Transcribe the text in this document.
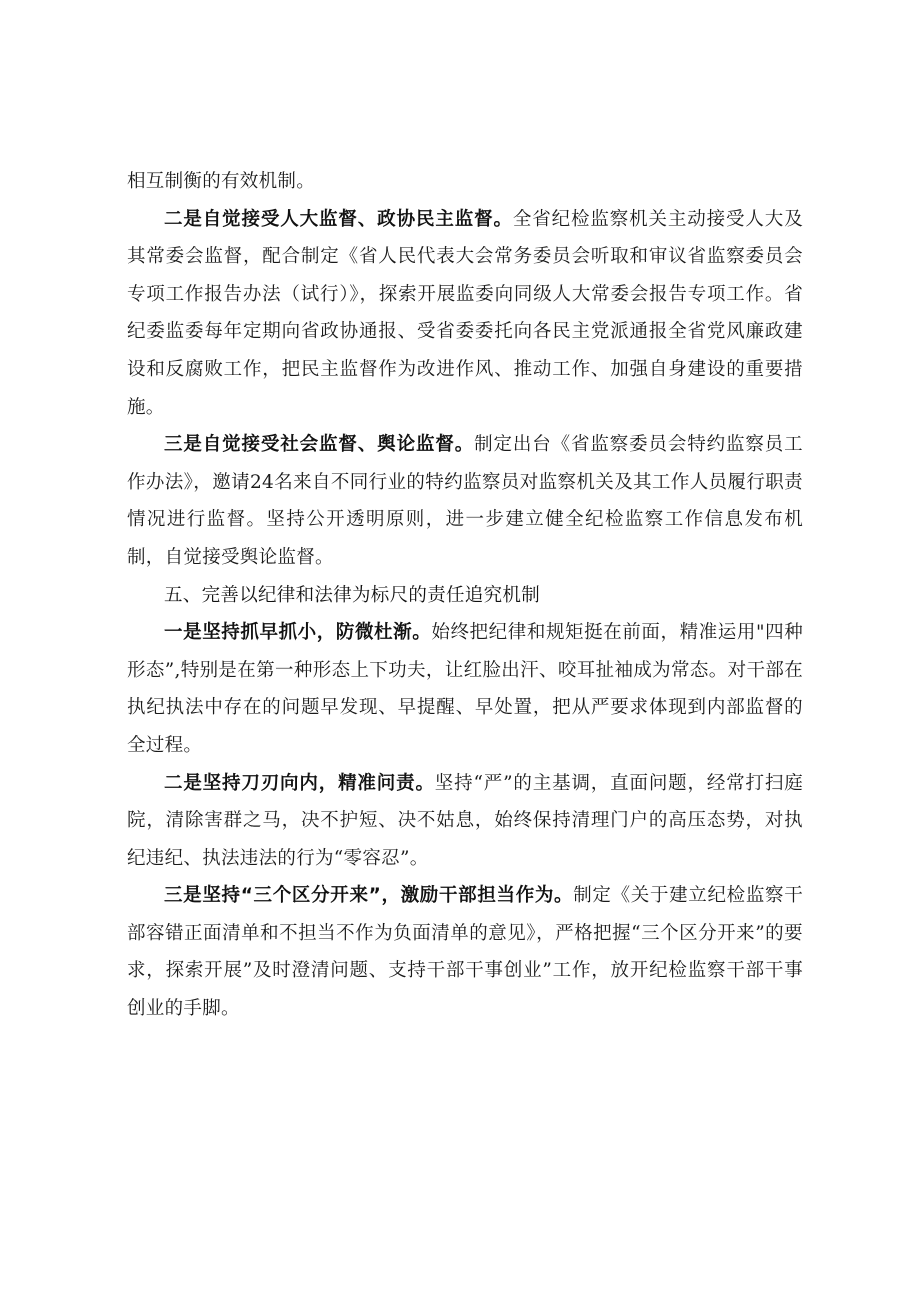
相互制衡的有效机制。

二是自觉接受人大监督、政协民主监督。全省纪检监察机关主动接受人大及其常委会监督，配合制定《省人民代表大会常务委员会听取和审议省监察委员会专项工作报告办法（试行）》，探索开展监委向同级人大常委会报告专项工作。省纪委监委每年定期向省政协通报、受省委委托向各民主党派通报全省党风廉政建设和反腐败工作，把民主监督作为改进作风、推动工作、加强自身建设的重要措施。

三是自觉接受社会监督、舆论监督。制定出台《省监察委员会特约监察员工作办法》，邀请24名来自不同行业的特约监察员对监察机关及其工作人员履行职责情况进行监督。坚持公开透明原则，进一步建立健全纪检监察工作信息发布机制，自觉接受舆论监督。

五、完善以纪律和法律为标尺的责任追究机制

一是坚持抓早抓小，防微杜渐。始终把纪律和规矩挺在前面，精准运用"四种形态”,特别是在第一种形态上下功夫，让红脸出汗、咬耳扯袖成为常态。对干部在执纪执法中存在的问题早发现、早提醒、早处置，把从严要求体现到内部监督的全过程。

二是坚持刀刃向内，精准问责。坚持“严”的主基调，直面问题，经常打扫庭院，清除害群之马，决不护短、决不姑息，始终保持清理门户的高压态势，对执纪违纪、执法违法的行为“零容忍”。

三是坚持“三个区分开来”，激励干部担当作为。制定《关于建立纪检监察干部容错正面清单和不担当不作为负面清单的意见》，严格把握“三个区分开来”的要求，探索开展”及时澄清问题、支持干部干事创业”工作，放开纪检监察干部干事创业的手脚。
